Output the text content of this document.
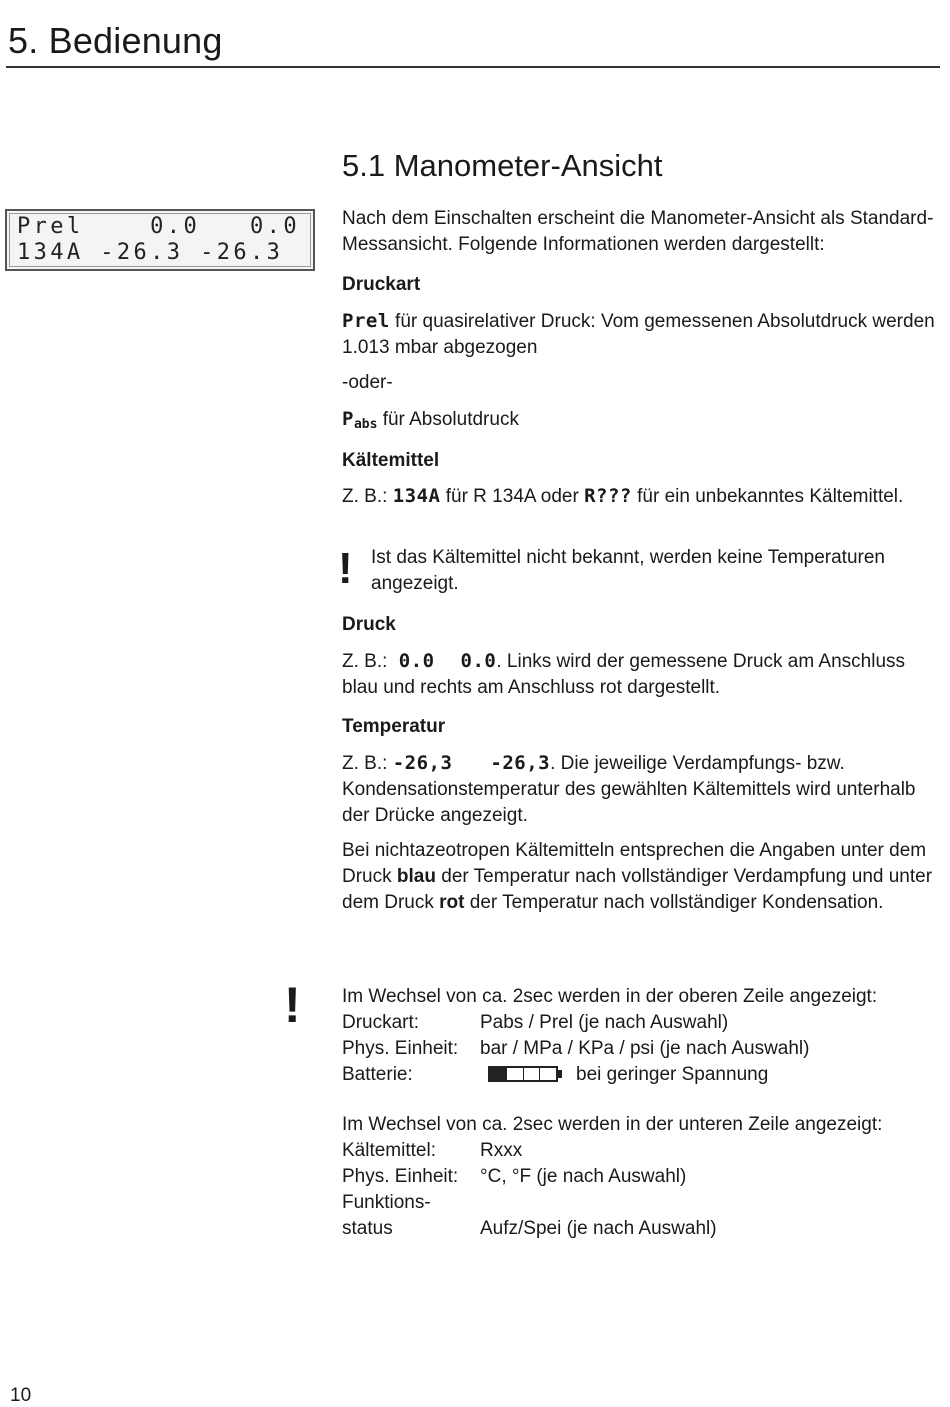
5. Bedienung
Prel    0.0   0.0
134A -26.3 -26.3
5.1 Manometer-Ansicht

Nach dem Einschalten erscheint die Manometer-Ansicht als Standard-Messansicht. Folgende Informationen werden dargestellt:

Druckart

Prel für quasirelativer Druck: Vom gemessenen Absolutdruck werden 1.013 mbar abgezogen

-oder-

$P_{abs}$ für Absolutdruck

Kältemittel

Z. B.: 134A für R 134A oder R??? für ein unbekanntes Kältemittel.

! Ist das Kältemittel nicht bekannt, werden keine Temperaturen angezeigt.

Druck

Z. B.: 0.0 0.0. Links wird der gemessene Druck am Anschluss blau und rechts am Anschluss rot dargestellt.

Temperatur

Z. B.: -26,3 -26,3. Die jeweilige Verdampfungs- bzw. Kondensationstemperatur des gewählten Kältemittels wird unterhalb der Drücke angezeigt.

Bei nichtazeotropen Kältemitteln entsprechen die Angaben unter dem Druck blau der Temperatur nach vollständiger Verdampfung und unter dem Druck rot der Temperatur nach vollständiger Kondensation.

! Im Wechsel von ca. 2sec werden in der oberen Zeile angezeigt:

Druckart:	Pabs / Prel (je nach Auswahl)
Phys. Einheit: bar / MPa / KPa / psi (je nach Auswahl)
Batterie:	bei geringer Spannung

Im Wechsel von ca. 2sec werden in der unteren Zeile angezeigt:

Kältemittel: Rxxx
Phys. Einheit: °C, °F (je nach Auswahl)
Funktions-
status	Aufz/Spei (je nach Auswahl)
10
